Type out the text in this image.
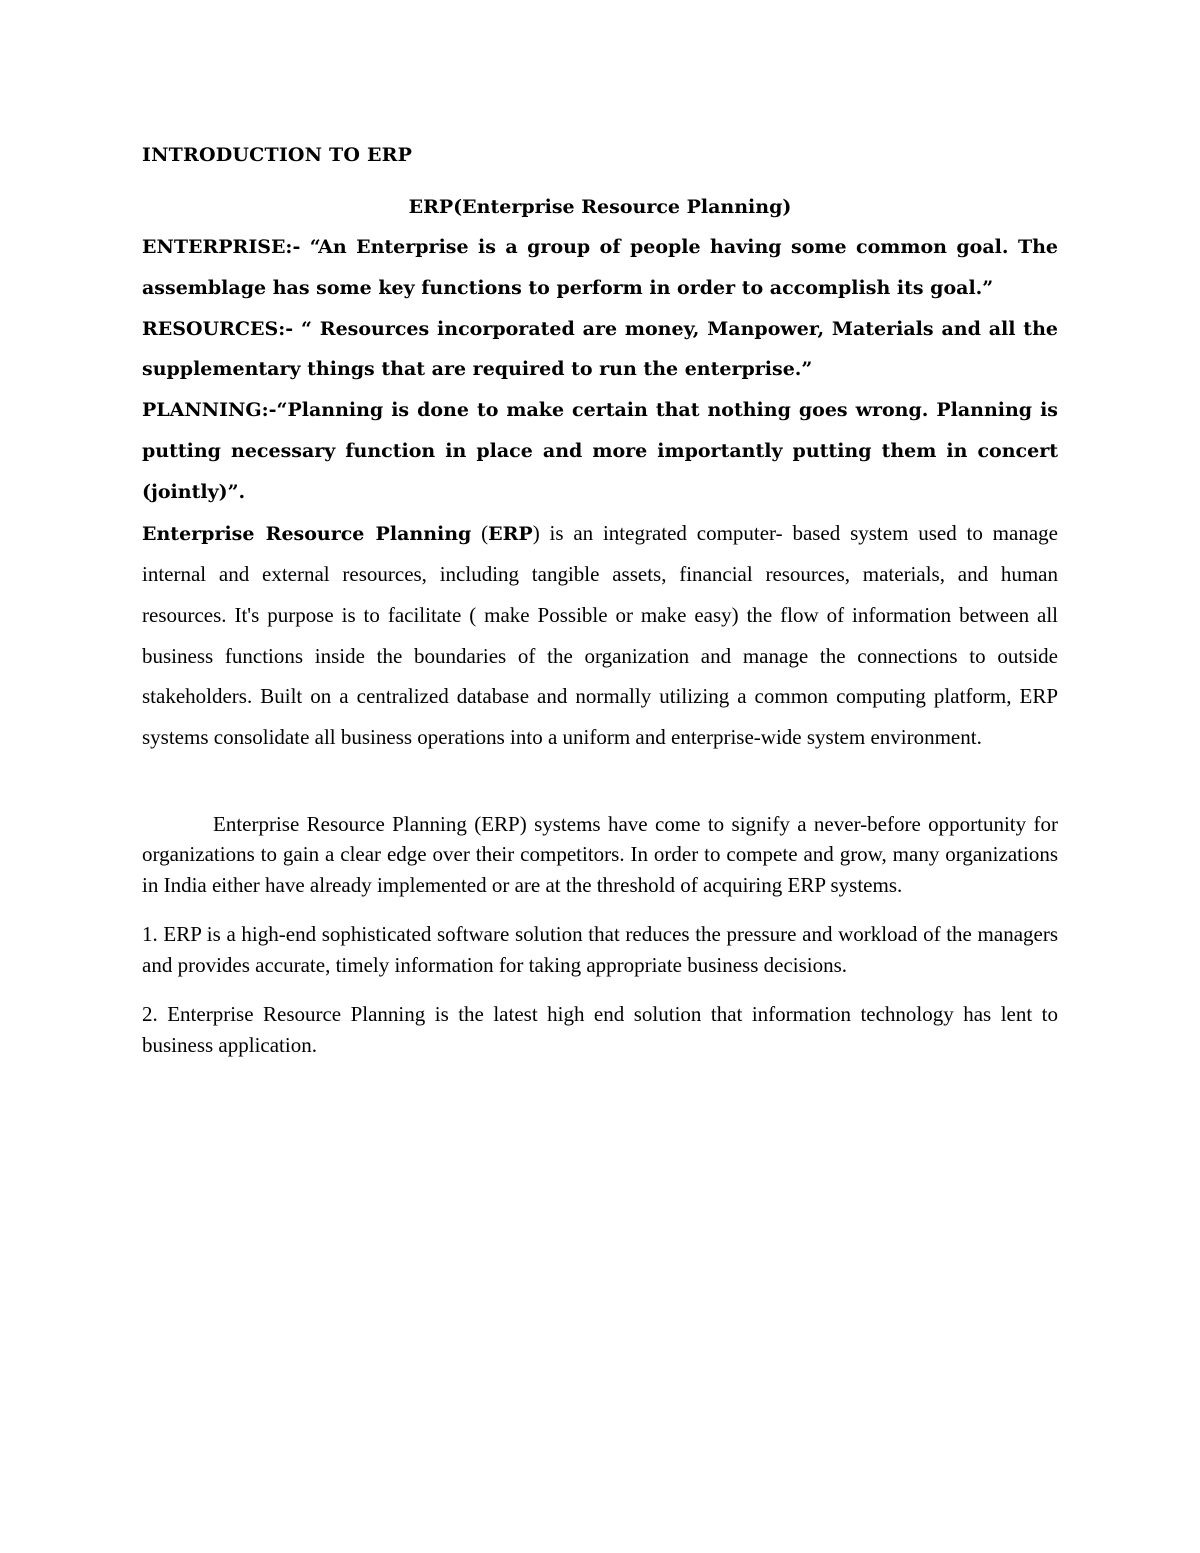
INTRODUCTION TO ERP

ERP(Enterprise Resource Planning)

ENTERPRISE:- “An Enterprise is a group of people having some common goal. The assemblage has some key functions to perform in order to accomplish its goal.”

RESOURCES:- “ Resources incorporated are money, Manpower, Materials and all the supplementary things that are required to run the enterprise.”

PLANNING:-“Planning is done to make certain that nothing goes wrong. Planning is putting necessary function in place and more importantly putting them in concert (jointly)”.

Enterprise Resource Planning (ERP) is an integrated computer- based system used to manage internal and external resources, including tangible assets, financial resources, materials, and human resources. It's purpose is to facilitate ( make Possible or make easy) the flow of information between all business functions inside the boundaries of the organization and manage the connections to outside stakeholders. Built on a centralized database and normally utilizing a common computing platform, ERP systems consolidate all business operations into a uniform and enterprise-wide system environment.

Enterprise Resource Planning (ERP) systems have come to signify a never-before opportunity for organizations to gain a clear edge over their competitors. In order to compete and grow, many organizations in India either have already implemented or are at the threshold of acquiring ERP systems.

1. ERP is a high-end sophisticated software solution that reduces the pressure and workload of the managers and provides accurate, timely information for taking appropriate business decisions.

2. Enterprise Resource Planning is the latest high end solution that information technology has lent to business application.
